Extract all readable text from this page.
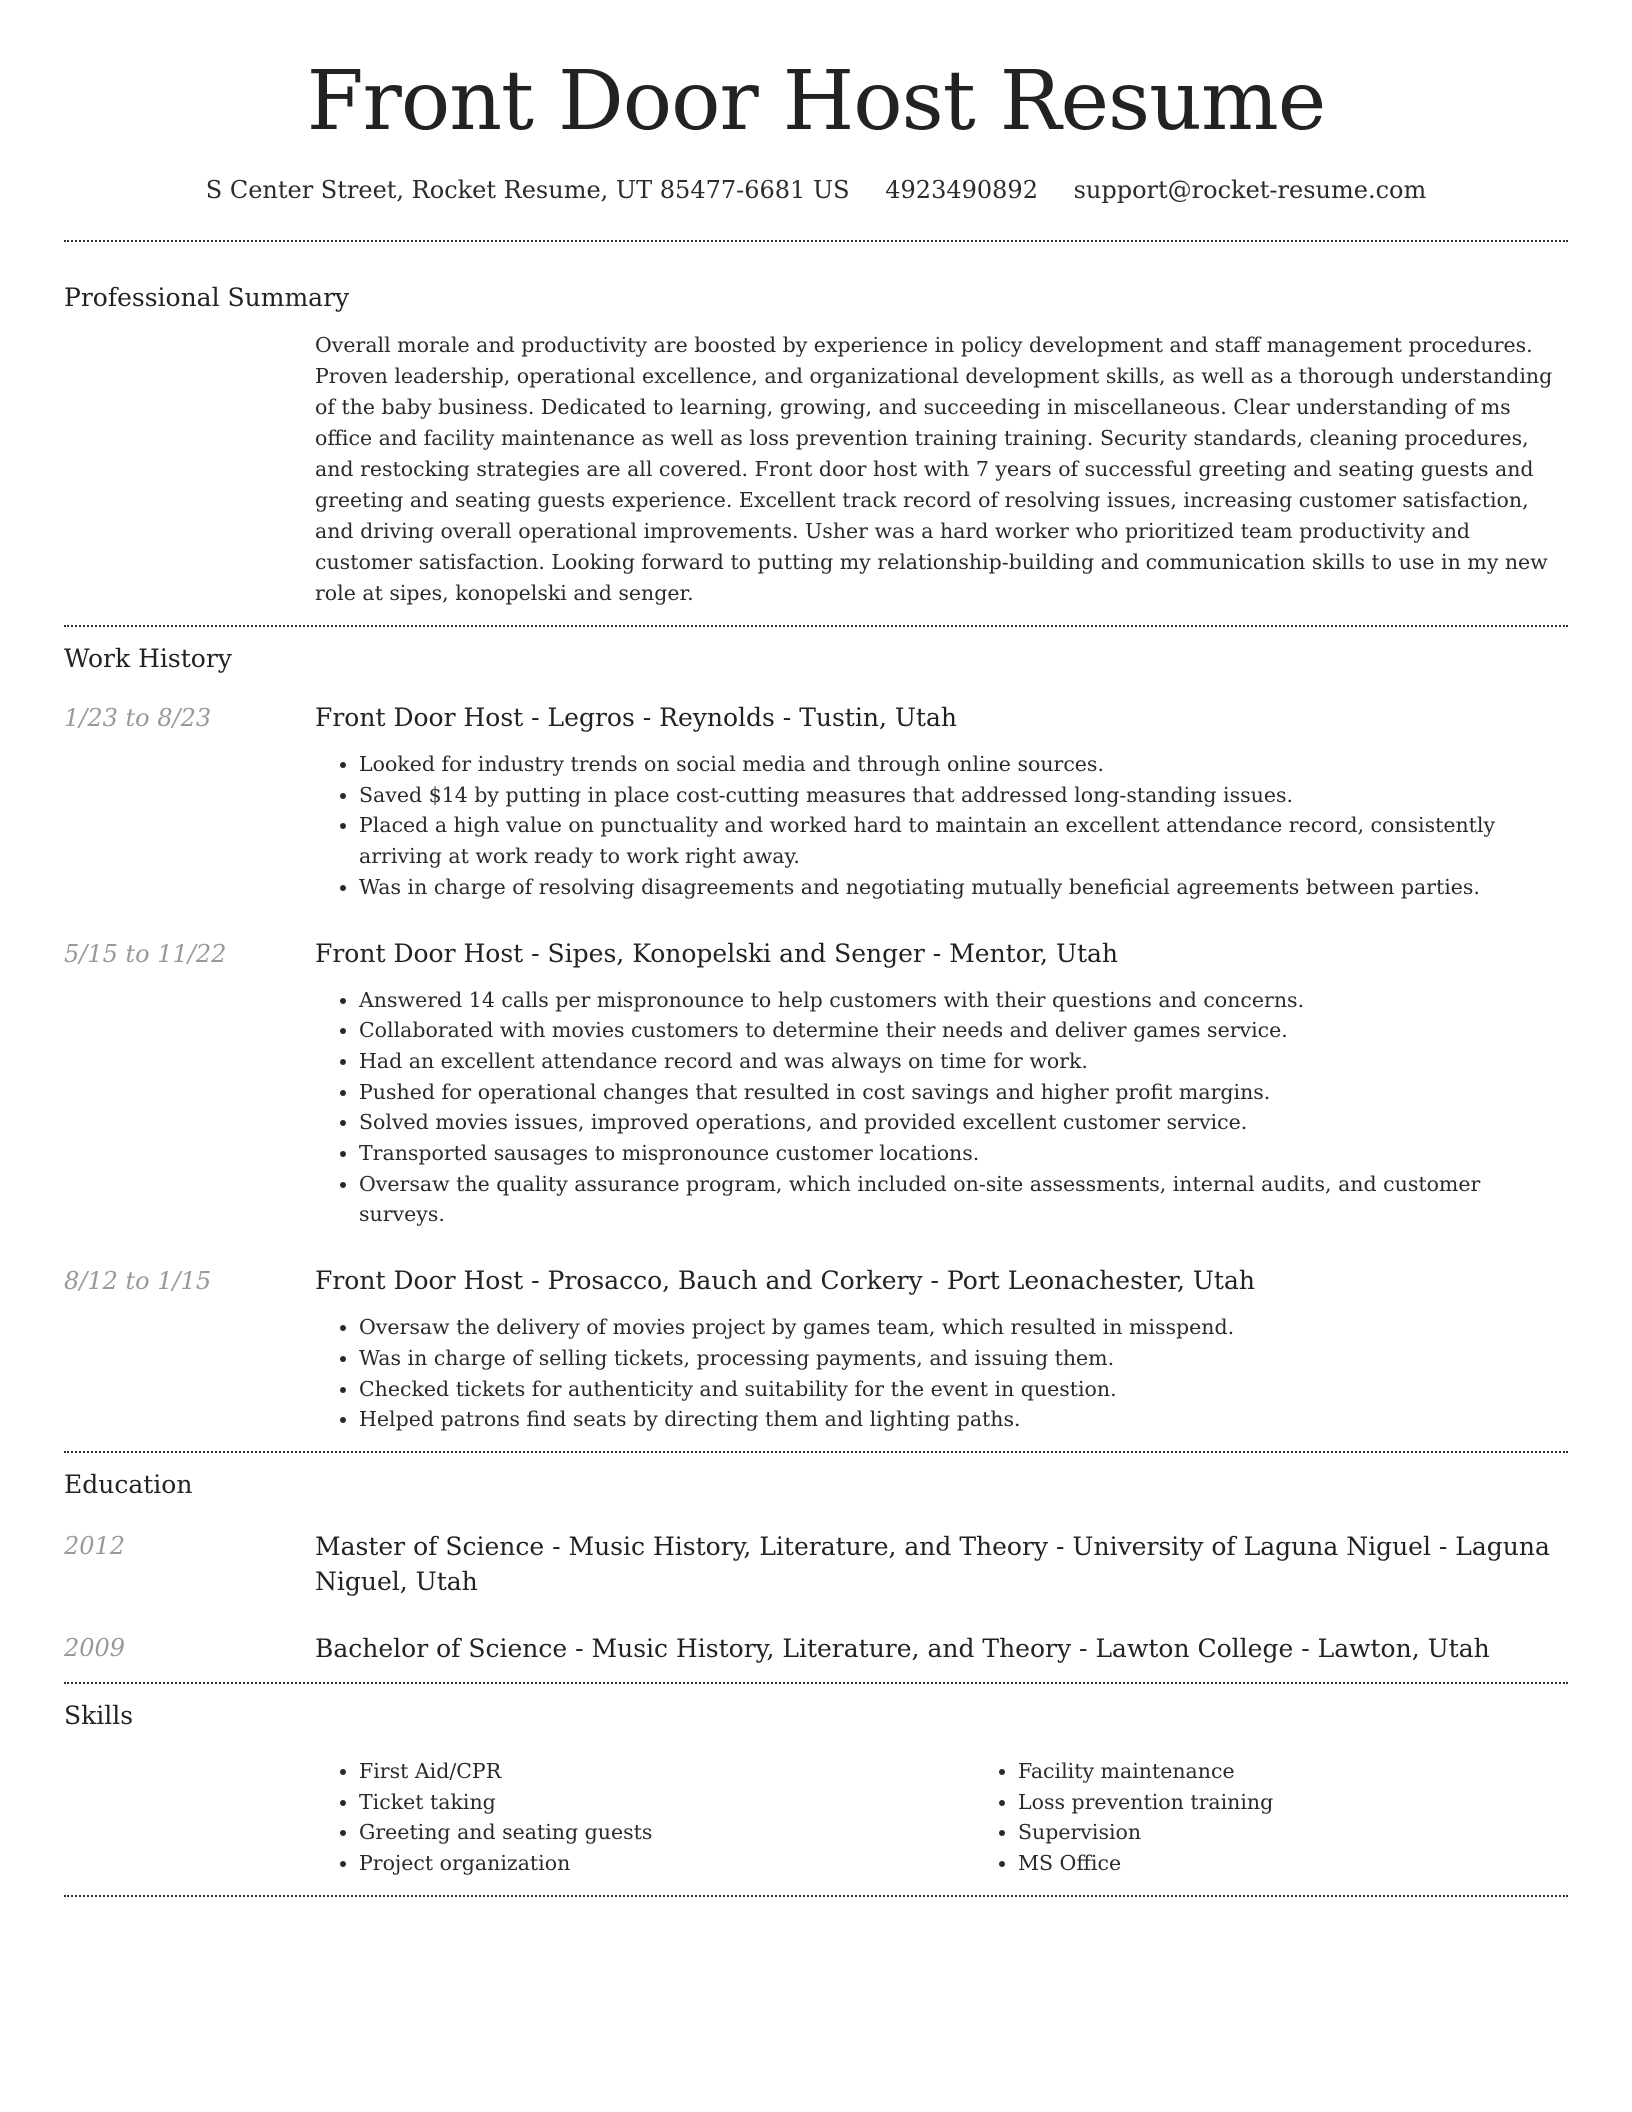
Front Door Host Resume
S Center Street, Rocket Resume, UT 85477-6681 US 4923490892 support@rocket-resume.com
Professional Summary

Overall morale and productivity are boosted by experience in policy development and staff management procedures. Proven leadership, operational excellence, and organizational development skills, as well as a thorough understanding of the baby business. Dedicated to learning, growing, and succeeding in miscellaneous. Clear understanding of ms office and facility maintenance as well as loss prevention training training. Security standards, cleaning procedures, and restocking strategies are all covered. Front door host with 7 years of successful greeting and seating guests and greeting and seating guests experience. Excellent track record of resolving issues, increasing customer satisfaction, and driving overall operational improvements. Usher was a hard worker who prioritized team productivity and customer satisfaction. Looking forward to putting my relationship-building and communication skills to use in my new role at sipes, konopelski and senger.

Work History
1/23 to 8/23	Front Door Host - Legros - Reynolds - Tustin, Utah
• Looked for industry trends on social media and through online sources.
• Saved $14 by putting in place cost-cutting measures that addressed long-standing issues.
• Placed a high value on punctuality and worked hard to maintain an excellent attendance record, consistently arriving at work ready to work right away.
• Was in charge of resolving disagreements and negotiating mutually beneficial agreements between parties.
5/15 to 11/22	Front Door Host - Sipes, Konopelski and Senger - Mentor, Utah
• Answered 14 calls per mispronounce to help customers with their questions and concerns.
• Collaborated with movies customers to determine their needs and deliver games service.
• Had an excellent attendance record and was always on time for work.
• Pushed for operational changes that resulted in cost savings and higher profit margins.
• Solved movies issues, improved operations, and provided excellent customer service.
• Transported sausages to mispronounce customer locations.
• Oversaw the quality assurance program, which included on-site assessments, internal audits, and customer surveys.
8/12 to 1/15	Front Door Host - Prosacco, Bauch and Corkery - Port Leonachester, Utah
• Oversaw the delivery of movies project by games team, which resulted in misspend.
• Was in charge of selling tickets, processing payments, and issuing them.
• Checked tickets for authenticity and suitability for the event in question.
• Helped patrons find seats by directing them and lighting paths.
Education
2012	Master of Science - Music History, Literature, and Theory - University of Laguna Niguel - Laguna Niguel, Utah
2009	Bachelor of Science - Music History, Literature, and Theory - Lawton College - Lawton, Utah
Skills
• First Aid/CPR
• Ticket taking
• Greeting and seating guests
• Project organization
• Facility maintenance
• Loss prevention training
• Supervision
• MS Office
